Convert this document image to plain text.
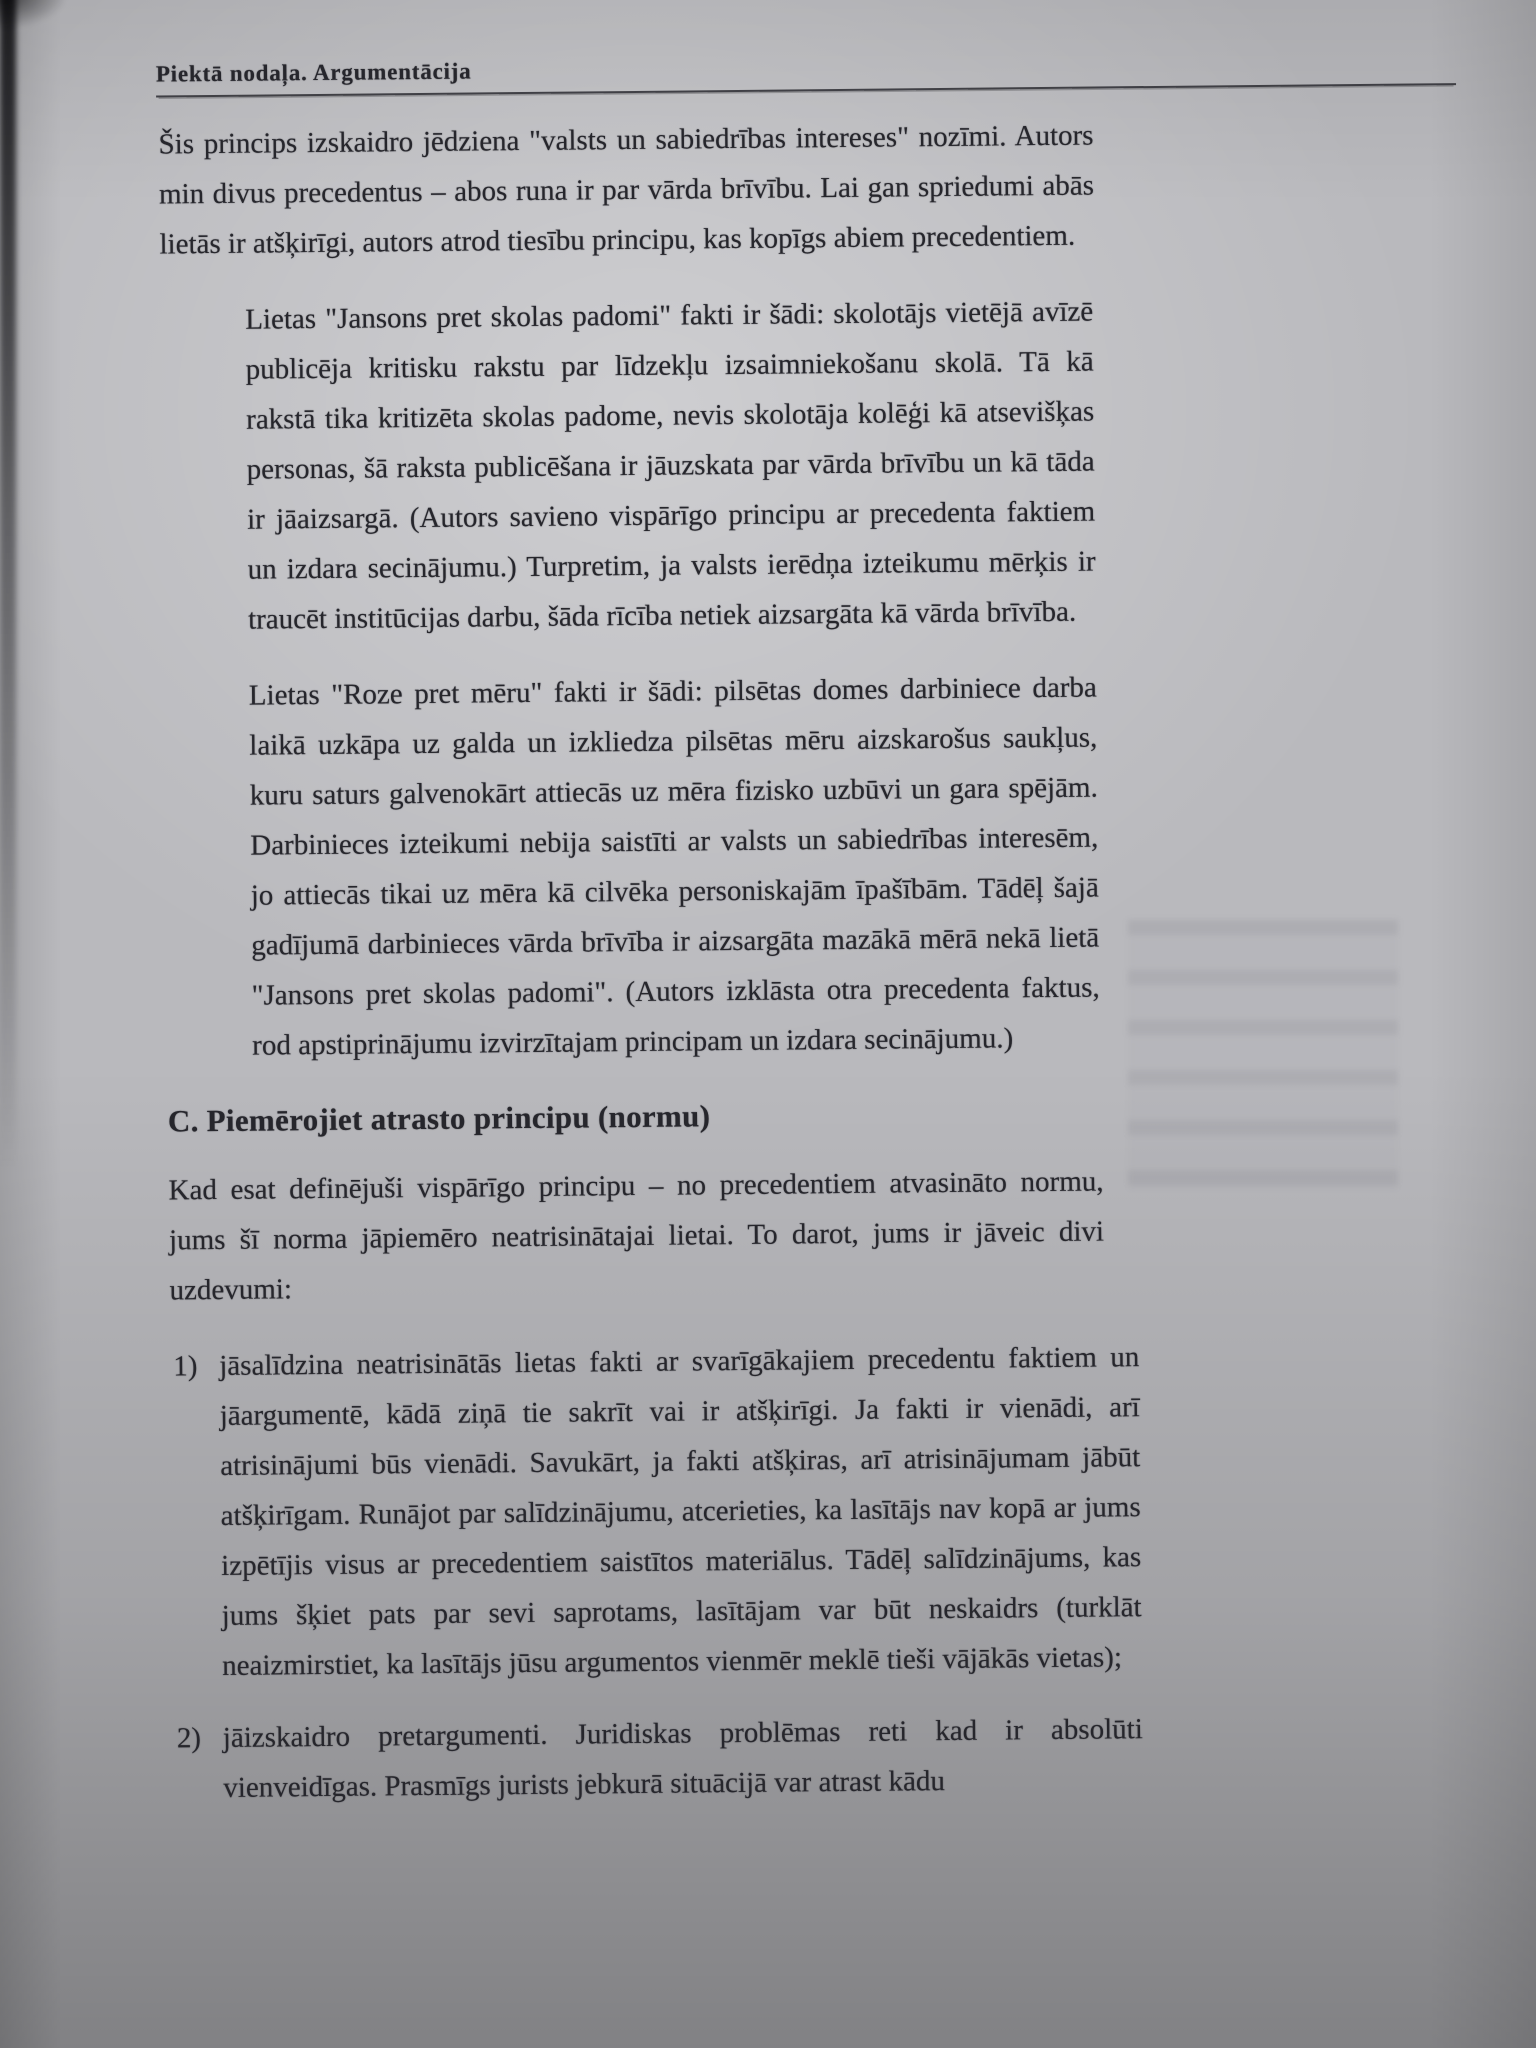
Piektā nodaļa. Argumentācija

Šis princips izskaidro jēdziena "valsts un sabiedrības intereses" nozīmi. Autors min divus precedentus – abos runa ir par vārda brīvību. Lai gan spriedumi abās lietās ir atšķirīgi, autors atrod tiesību principu, kas kopīgs abiem precedentiem.

Lietas "Jansons pret skolas padomi" fakti ir šādi: skolotājs vietējā avīzē publicēja kritisku rakstu par līdzekļu izsaimniekošanu skolā. Tā kā rakstā tika kritizēta skolas padome, nevis skolotāja kolēģi kā atsevišķas personas, šā raksta publicēšana ir jāuzskata par vārda brīvību un kā tāda ir jāaizsargā. (Autors savieno vispārīgo principu ar precedenta faktiem un izdara secinājumu.) Turpretim, ja valsts ierēdņa izteikumu mērķis ir traucēt institūcijas darbu, šāda rīcība netiek aizsargāta kā vārda brīvība.

Lietas "Roze pret mēru" fakti ir šādi: pilsētas domes darbiniece darba laikā uzkāpa uz galda un izkliedza pilsētas mēru aizskarošus saukļus, kuru saturs galvenokārt attiecās uz mēra fizisko uzbūvi un gara spējām. Darbinieces izteikumi nebija saistīti ar valsts un sabiedrības interesēm, jo attiecās tikai uz mēra kā cilvēka personiskajām īpašībām. Tādēļ šajā gadījumā darbinieces vārda brīvība ir aizsargāta mazākā mērā nekā lietā "Jansons pret skolas padomi". (Autors izklāsta otra precedenta faktus, rod apstiprinājumu izvirzītajam principam un izdara secinājumu.)

C. Piemērojiet atrasto principu (normu)

Kad esat definējuši vispārīgo principu – no precedentiem atvasināto normu, jums šī norma jāpiemēro neatrisinātajai lietai. To darot, jums ir jāveic divi uzdevumi:

1) jāsalīdzina neatrisinātās lietas fakti ar svarīgākajiem precedentu faktiem un jāargumentē, kādā ziņā tie sakrīt vai ir atšķirīgi. Ja fakti ir vienādi, arī atrisinājumi būs vienādi. Savukārt, ja fakti atšķiras, arī atrisinājumam jābūt atšķirīgam. Runājot par salīdzinājumu, atcerieties, ka lasītājs nav kopā ar jums izpētījis visus ar precedentiem saistītos materiālus. Tādēļ salīdzinājums, kas jums šķiet pats par sevi saprotams, lasītājam var būt neskaidrs (turklāt neaizmirstiet, ka lasītājs jūsu argumentos vienmēr meklē tieši vājākās vietas);
2) jāizskaidro pretargumenti. Juridiskas problēmas reti kad ir absolūti vienveidīgas. Prasmīgs jurists jebkurā situācijā var atrast kādu
